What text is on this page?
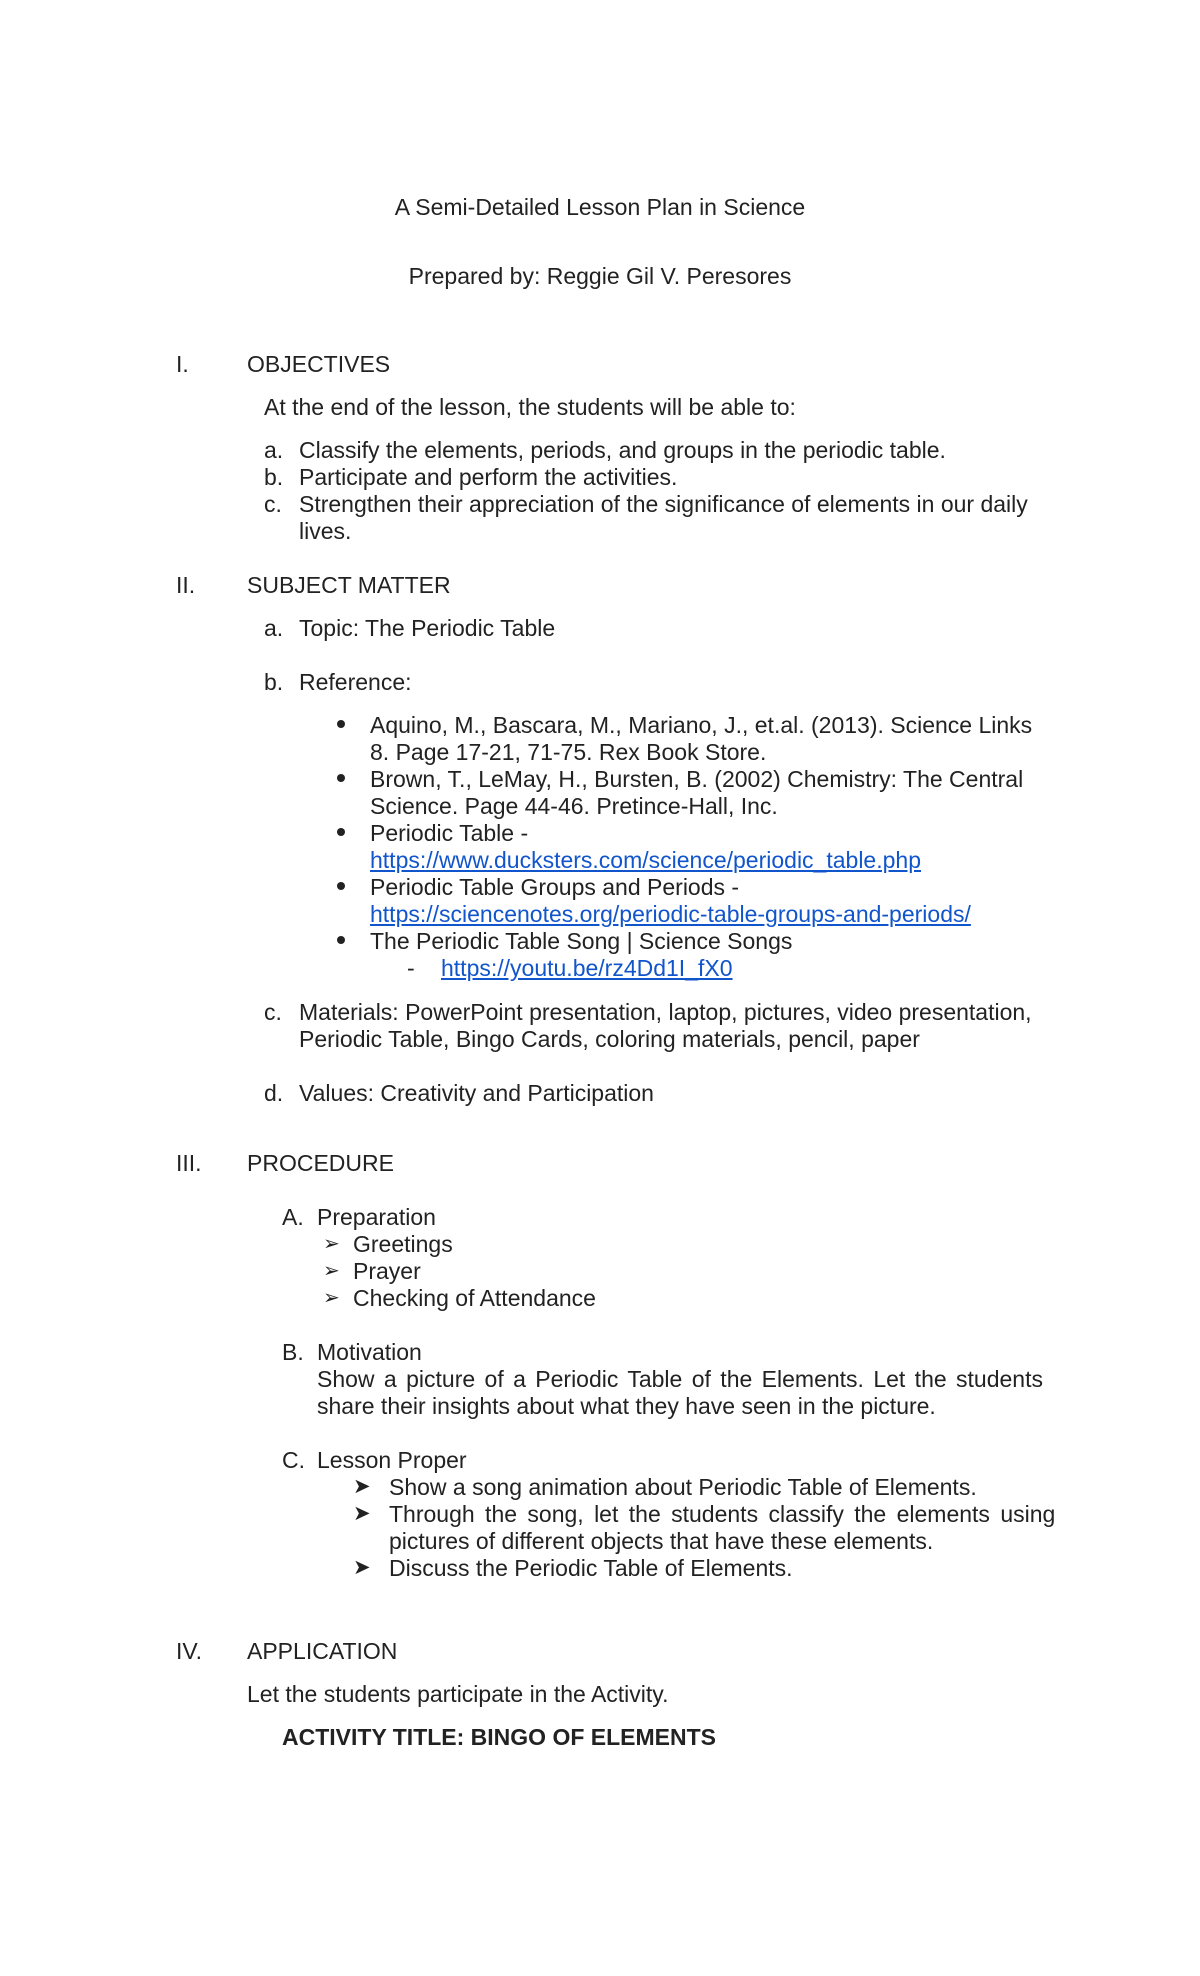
A Semi-Detailed Lesson Plan in Science
Prepared by: Reggie Gil V. Peresores
I.	OBJECTIVES
At the end of the lesson, the students will be able to:
a. Classify the elements, periods, and groups in the periodic table.
b. Participate and perform the activities.
c. Strengthen their appreciation of the significance of elements in our daily
lives.
II. SUBJECT MATTER
a. Topic: The Periodic Table
b. Reference:
Aquino, M., Bascara, M., Mariano, J., et.al. (2013). Science Links
8. Page 17-21, 71-75. Rex Book Store.
Brown, T., LeMay, H., Bursten, B. (2002) Chemistry: The Central
Science. Page 44-46. Pretince-Hall, Inc.
Periodic Table -
https://www.ducksters.com/science/periodic_table.php
Periodic Table Groups and Periods -
https://sciencenotes.org/periodic-table-groups-and-periods/
The Periodic Table Song | Science Songs
- https://youtu.be/rz4Dd1I_fX0
c. Materials: PowerPoint presentation, laptop, pictures, video presentation,
Periodic Table, Bingo Cards, coloring materials, pencil, paper
d. Values: Creativity and Participation
III. PROCEDURE
A. Preparation
➢ Greetings
➢ Prayer
➢ Checking of Attendance
B. Motivation
Show a picture of a Periodic Table of the Elements. Let the students
share their insights about what they have seen in the picture.
C. Lesson Proper
➤ Show a song animation about Periodic Table of Elements.
➤ Through the song, let the students classify the elements using
pictures of different objects that have these elements.
➤ Discuss the Periodic Table of Elements.
IV. APPLICATION
Let the students participate in the Activity.
ACTIVITY TITLE: BINGO OF ELEMENTS
